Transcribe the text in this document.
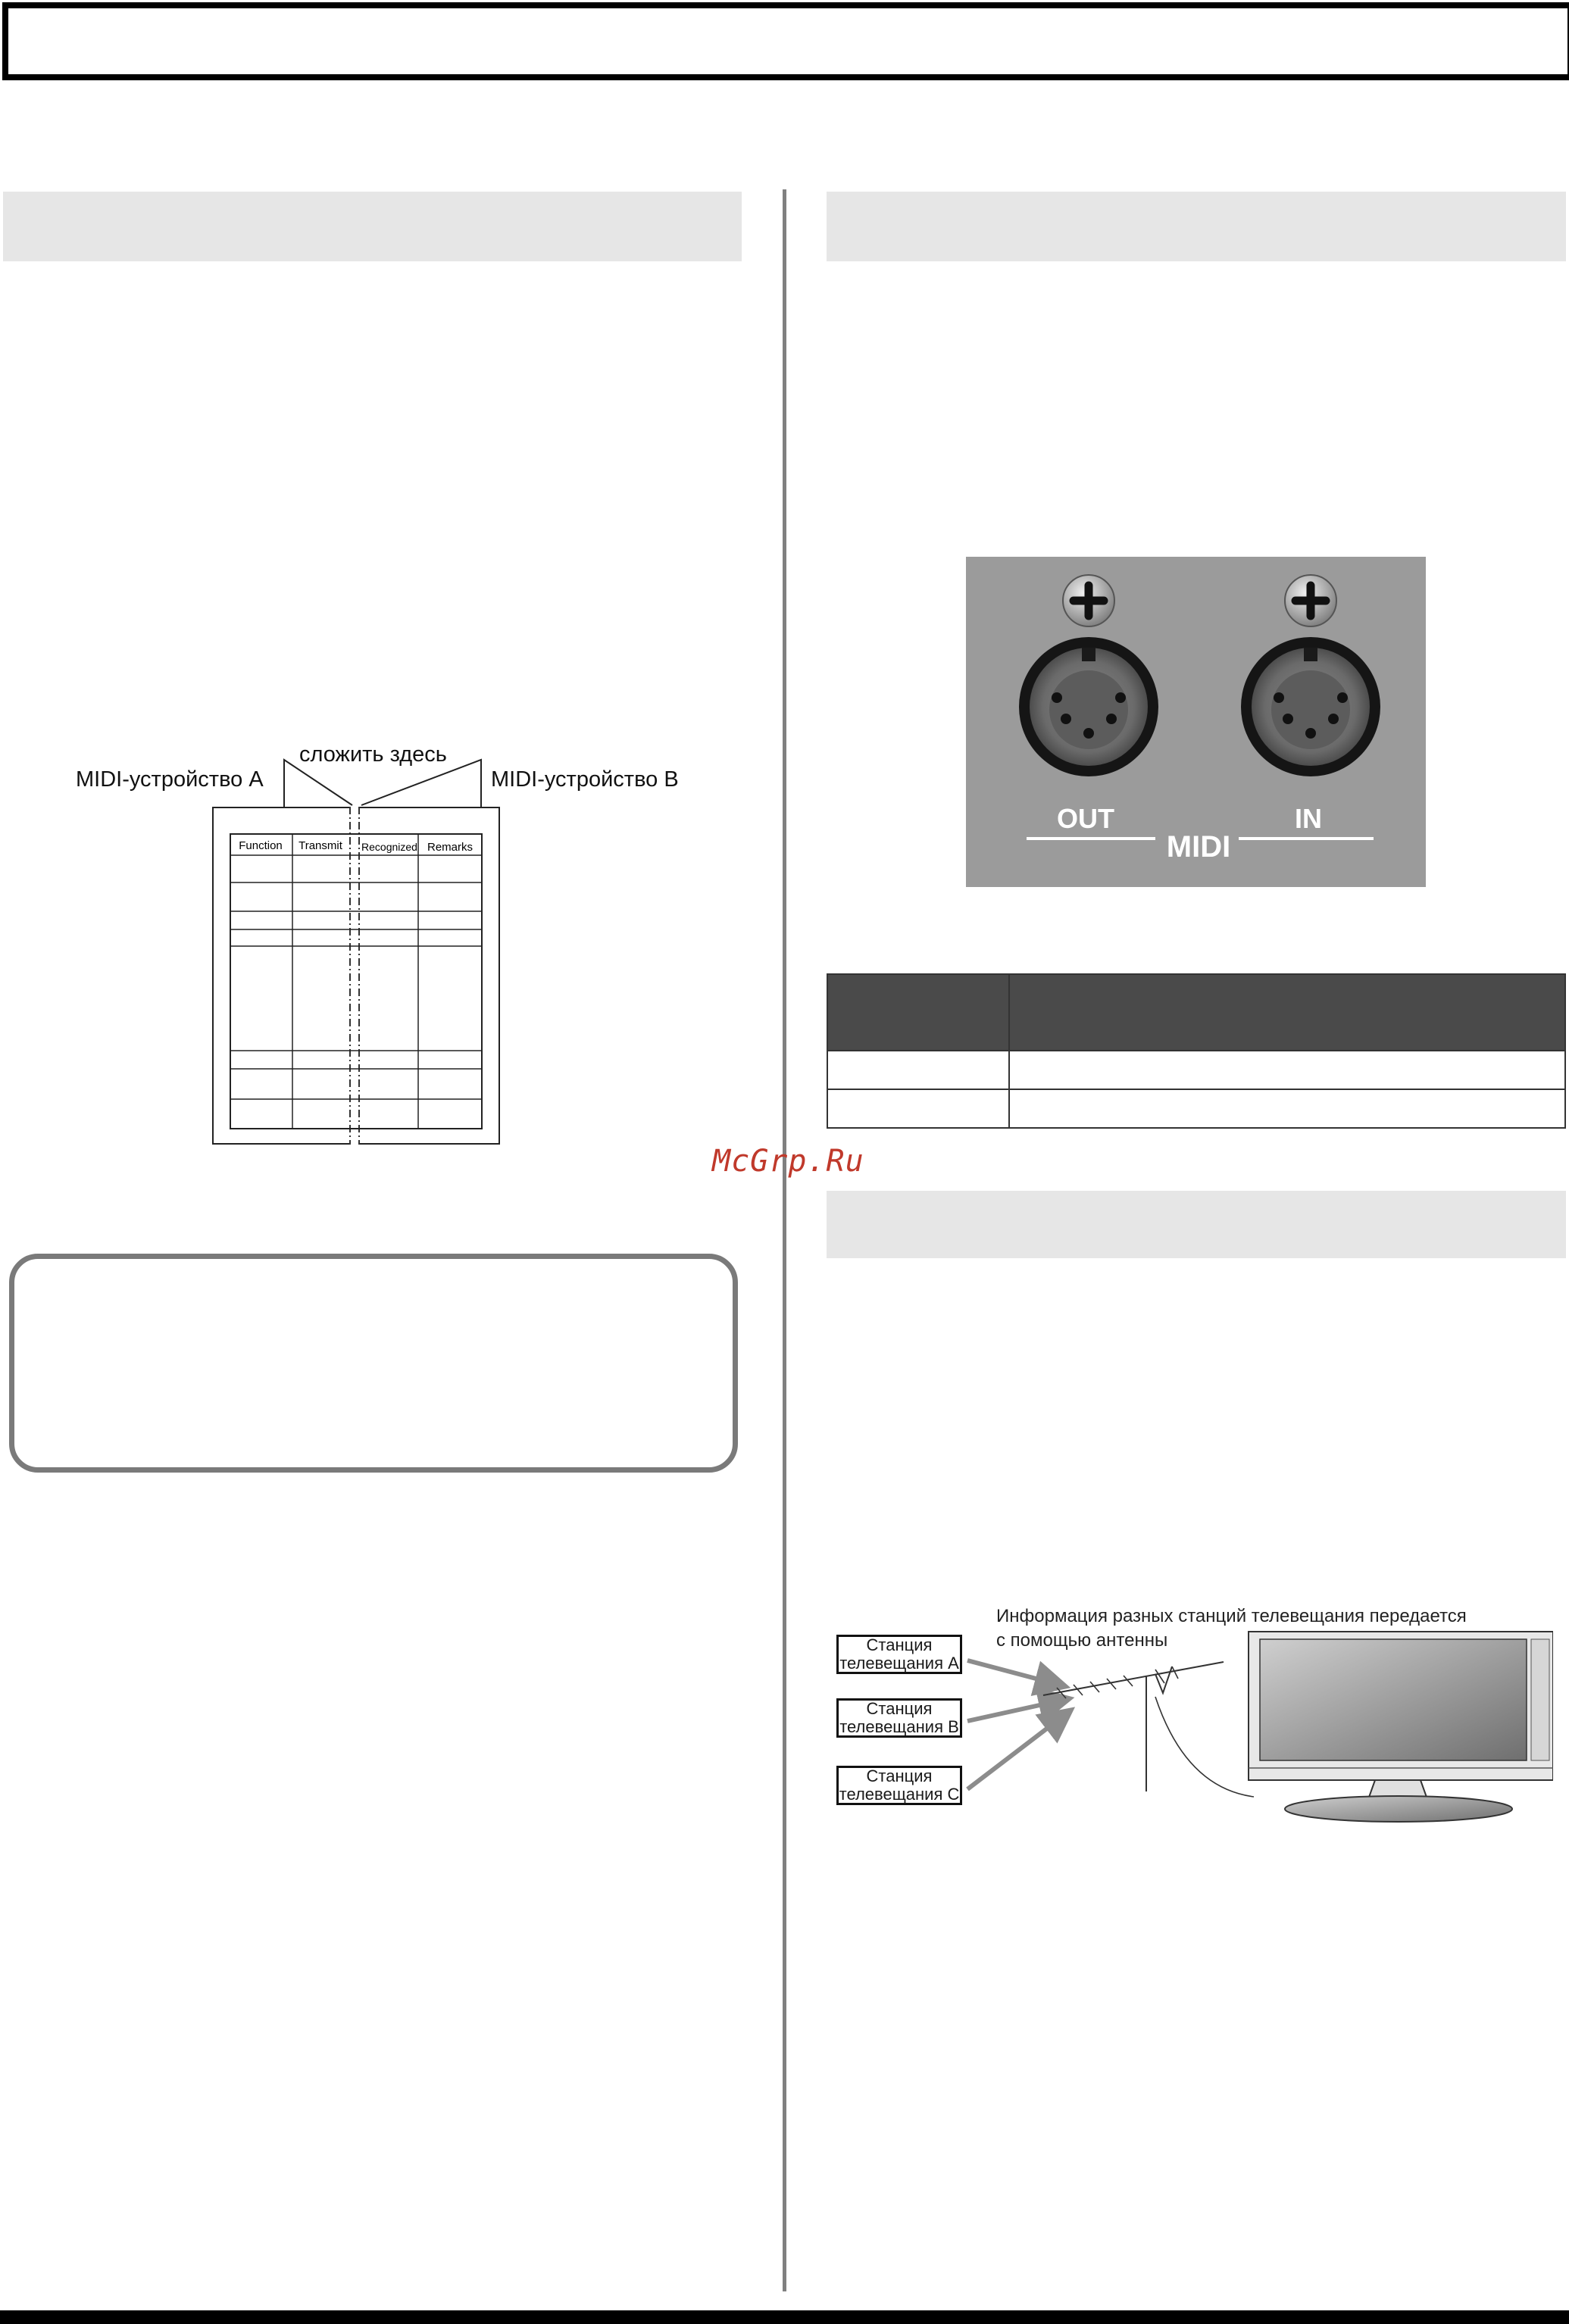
сложить здесь
MIDI-устройство A	MIDI-устройство B
Function Transmit Recognized Remarks
OUT	IN
MIDI

McGrp.Ru
Информация разных станций телевещания передается
с помощью антенны
Станция
телевещания A
Станция
телевещания B
Станция
телевещания C
